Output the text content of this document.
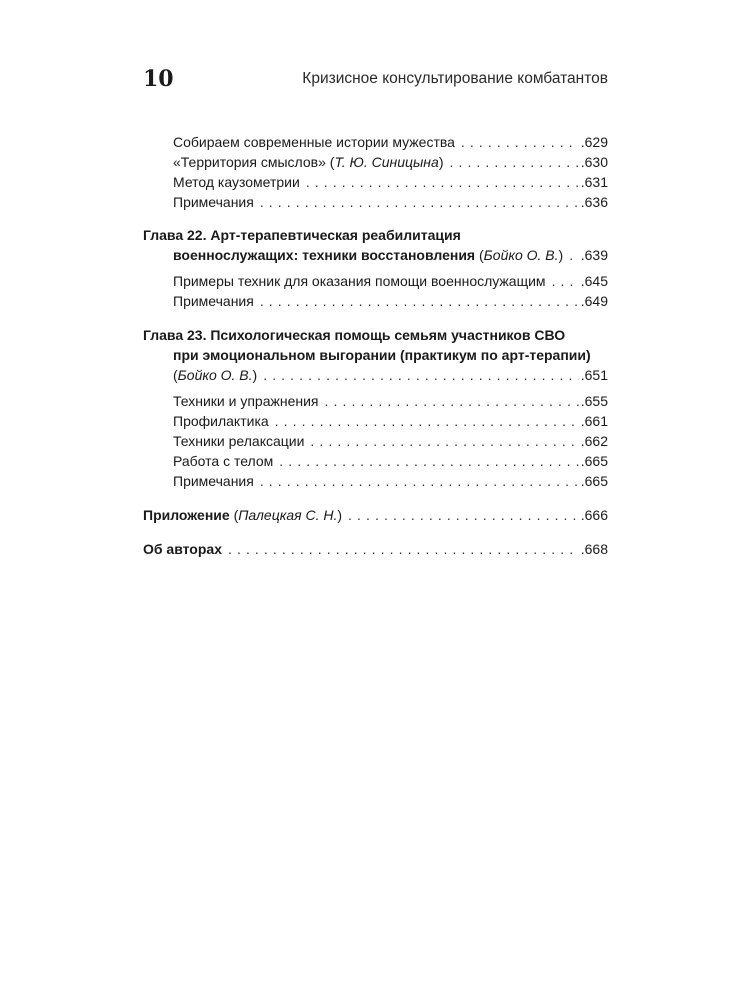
10	Кризисное консультирование комбатантов
Собираем современные истории мужества . . .	.629
«Территория смыслов» (Т. Ю. Синицына) . . .	.630
Метод каузометрии . . .	.631
Примечания . . .	.636
Глава 22. Арт-терапевтическая реабилитация
военнослужащих: техники восстановления (Бойко О. В.) . . . .639
Примеры техник для оказания помощи военнослужащим . . .	.645
Примечания . . .	.649
Глава 23. Психологическая помощь семьям участников СВО
при эмоциональном выгорании (практикум по арт-терапии)
(Бойко О. В.) . . .	.651
Техники и упражнения . . .	.655
Профилактика . . .	.661
Техники релаксации . . .	.662
Работа с телом . . .	.665
Примечания . . .	.665
Приложение (Палецкая С. Н.) . . .	.666
Об авторах . . .	.668
